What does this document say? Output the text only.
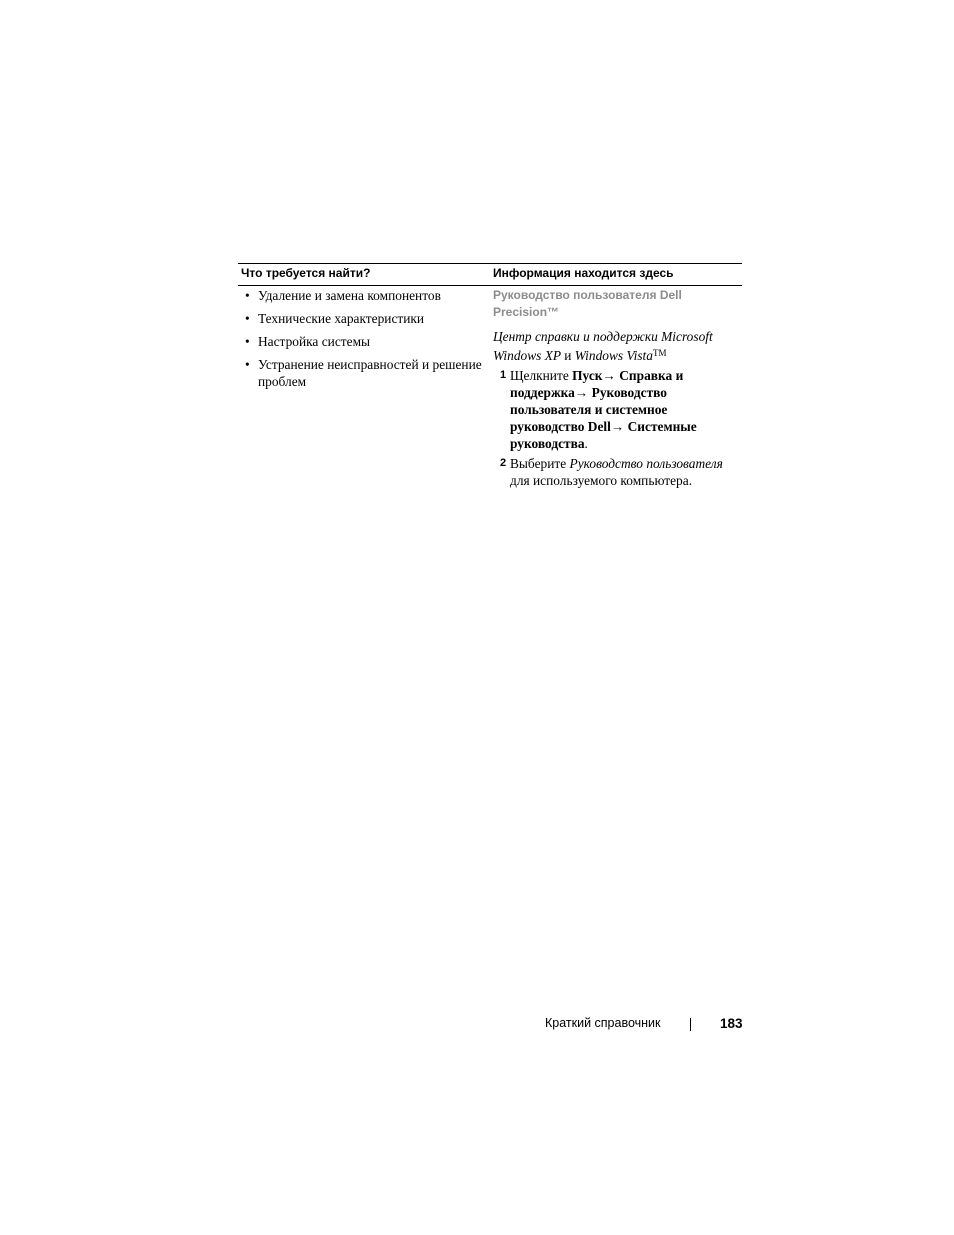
Что требуется найти?	Информация находится здесь
• Удаление и замена компонентов
• Технические характеристики
• Настройка системы
• Устранение неисправностей и решение проблем
Руководство пользователя Dell Precision™
Центр справки и поддержки Microsoft Windows XP и Windows Vista™
1 Щелкните Пуск→ Справка и поддержка→ Руководство пользователя и системное руководство Dell→ Системные руководства.
2 Выберите Руководство пользователя для используемого компьютера.
Краткий справочник	183
